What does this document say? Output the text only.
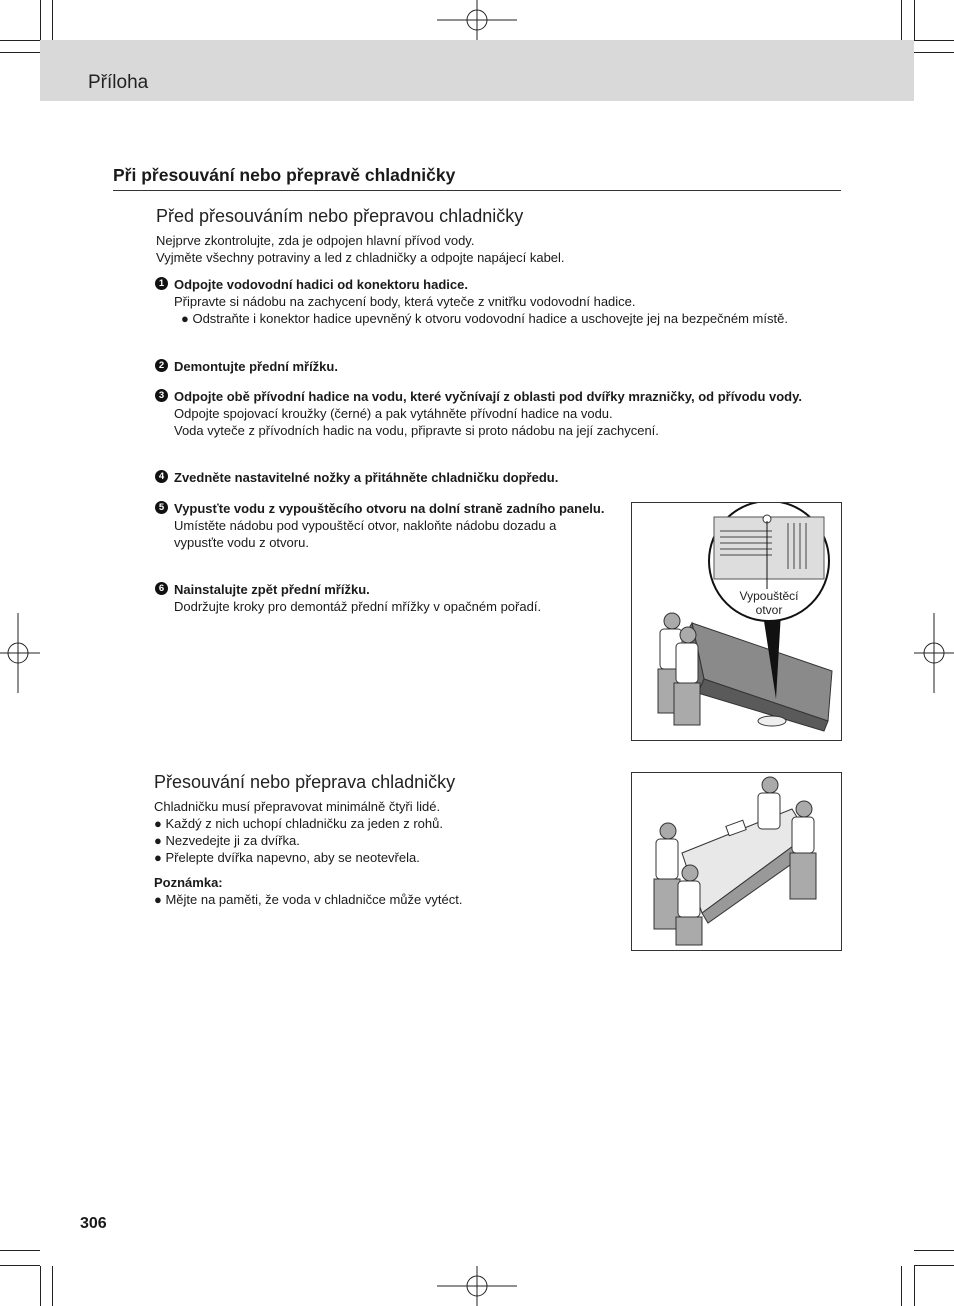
Příloha
Při přesouvání nebo přepravě chladničky
Před přesouváním nebo přepravou chladničky
Nejprve zkontrolujte, zda je odpojen hlavní přívod vody.
Vyjměte všechny potraviny a led z chladničky a odpojte napájecí kabel.
1 Odpojte vodovodní hadici od konektoru hadice.
Připravte si nádobu na zachycení body, která vyteče z vnitřku vodovodní hadice.
● Odstraňte i konektor hadice upevněný k otvoru vodovodní hadice a uschovejte jej na bezpečném místě.
2 Demontujte přední mřížku.
3 Odpojte obě přívodní hadice na vodu, které vyčnívají z oblasti pod dvířky mrazničky, od přívodu vody.
Odpojte spojovací kroužky (černé) a pak vytáhněte přívodní hadice na vodu.
Voda vyteče z přívodních hadic na vodu, připravte si proto nádobu na její zachycení.
4 Zvedněte nastavitelné nožky a přitáhněte chladničku dopředu.
5 Vypusťte vodu z vypouštěcího otvoru na dolní straně zadního panelu.
Umístěte nádobu pod vypouštěcí otvor, nakloňte nádobu dozadu a vypusťte vodu z otvoru.
6 Nainstalujte zpět přední mřížku.
Dodržujte kroky pro demontáž přední mřížky v opačném pořadí.
Vypouštěcí
otvor
Přesouvání nebo přeprava chladničky
Chladničku musí přepravovat minimálně čtyři lidé.
● Každý z nich uchopí chladničku za jeden z rohů.
● Nezvedejte ji za dvířka.
● Přelepte dvířka napevno, aby se neotevřela.
Poznámka:
● Mějte na paměti, že voda v chladničce může vytéct.
306
